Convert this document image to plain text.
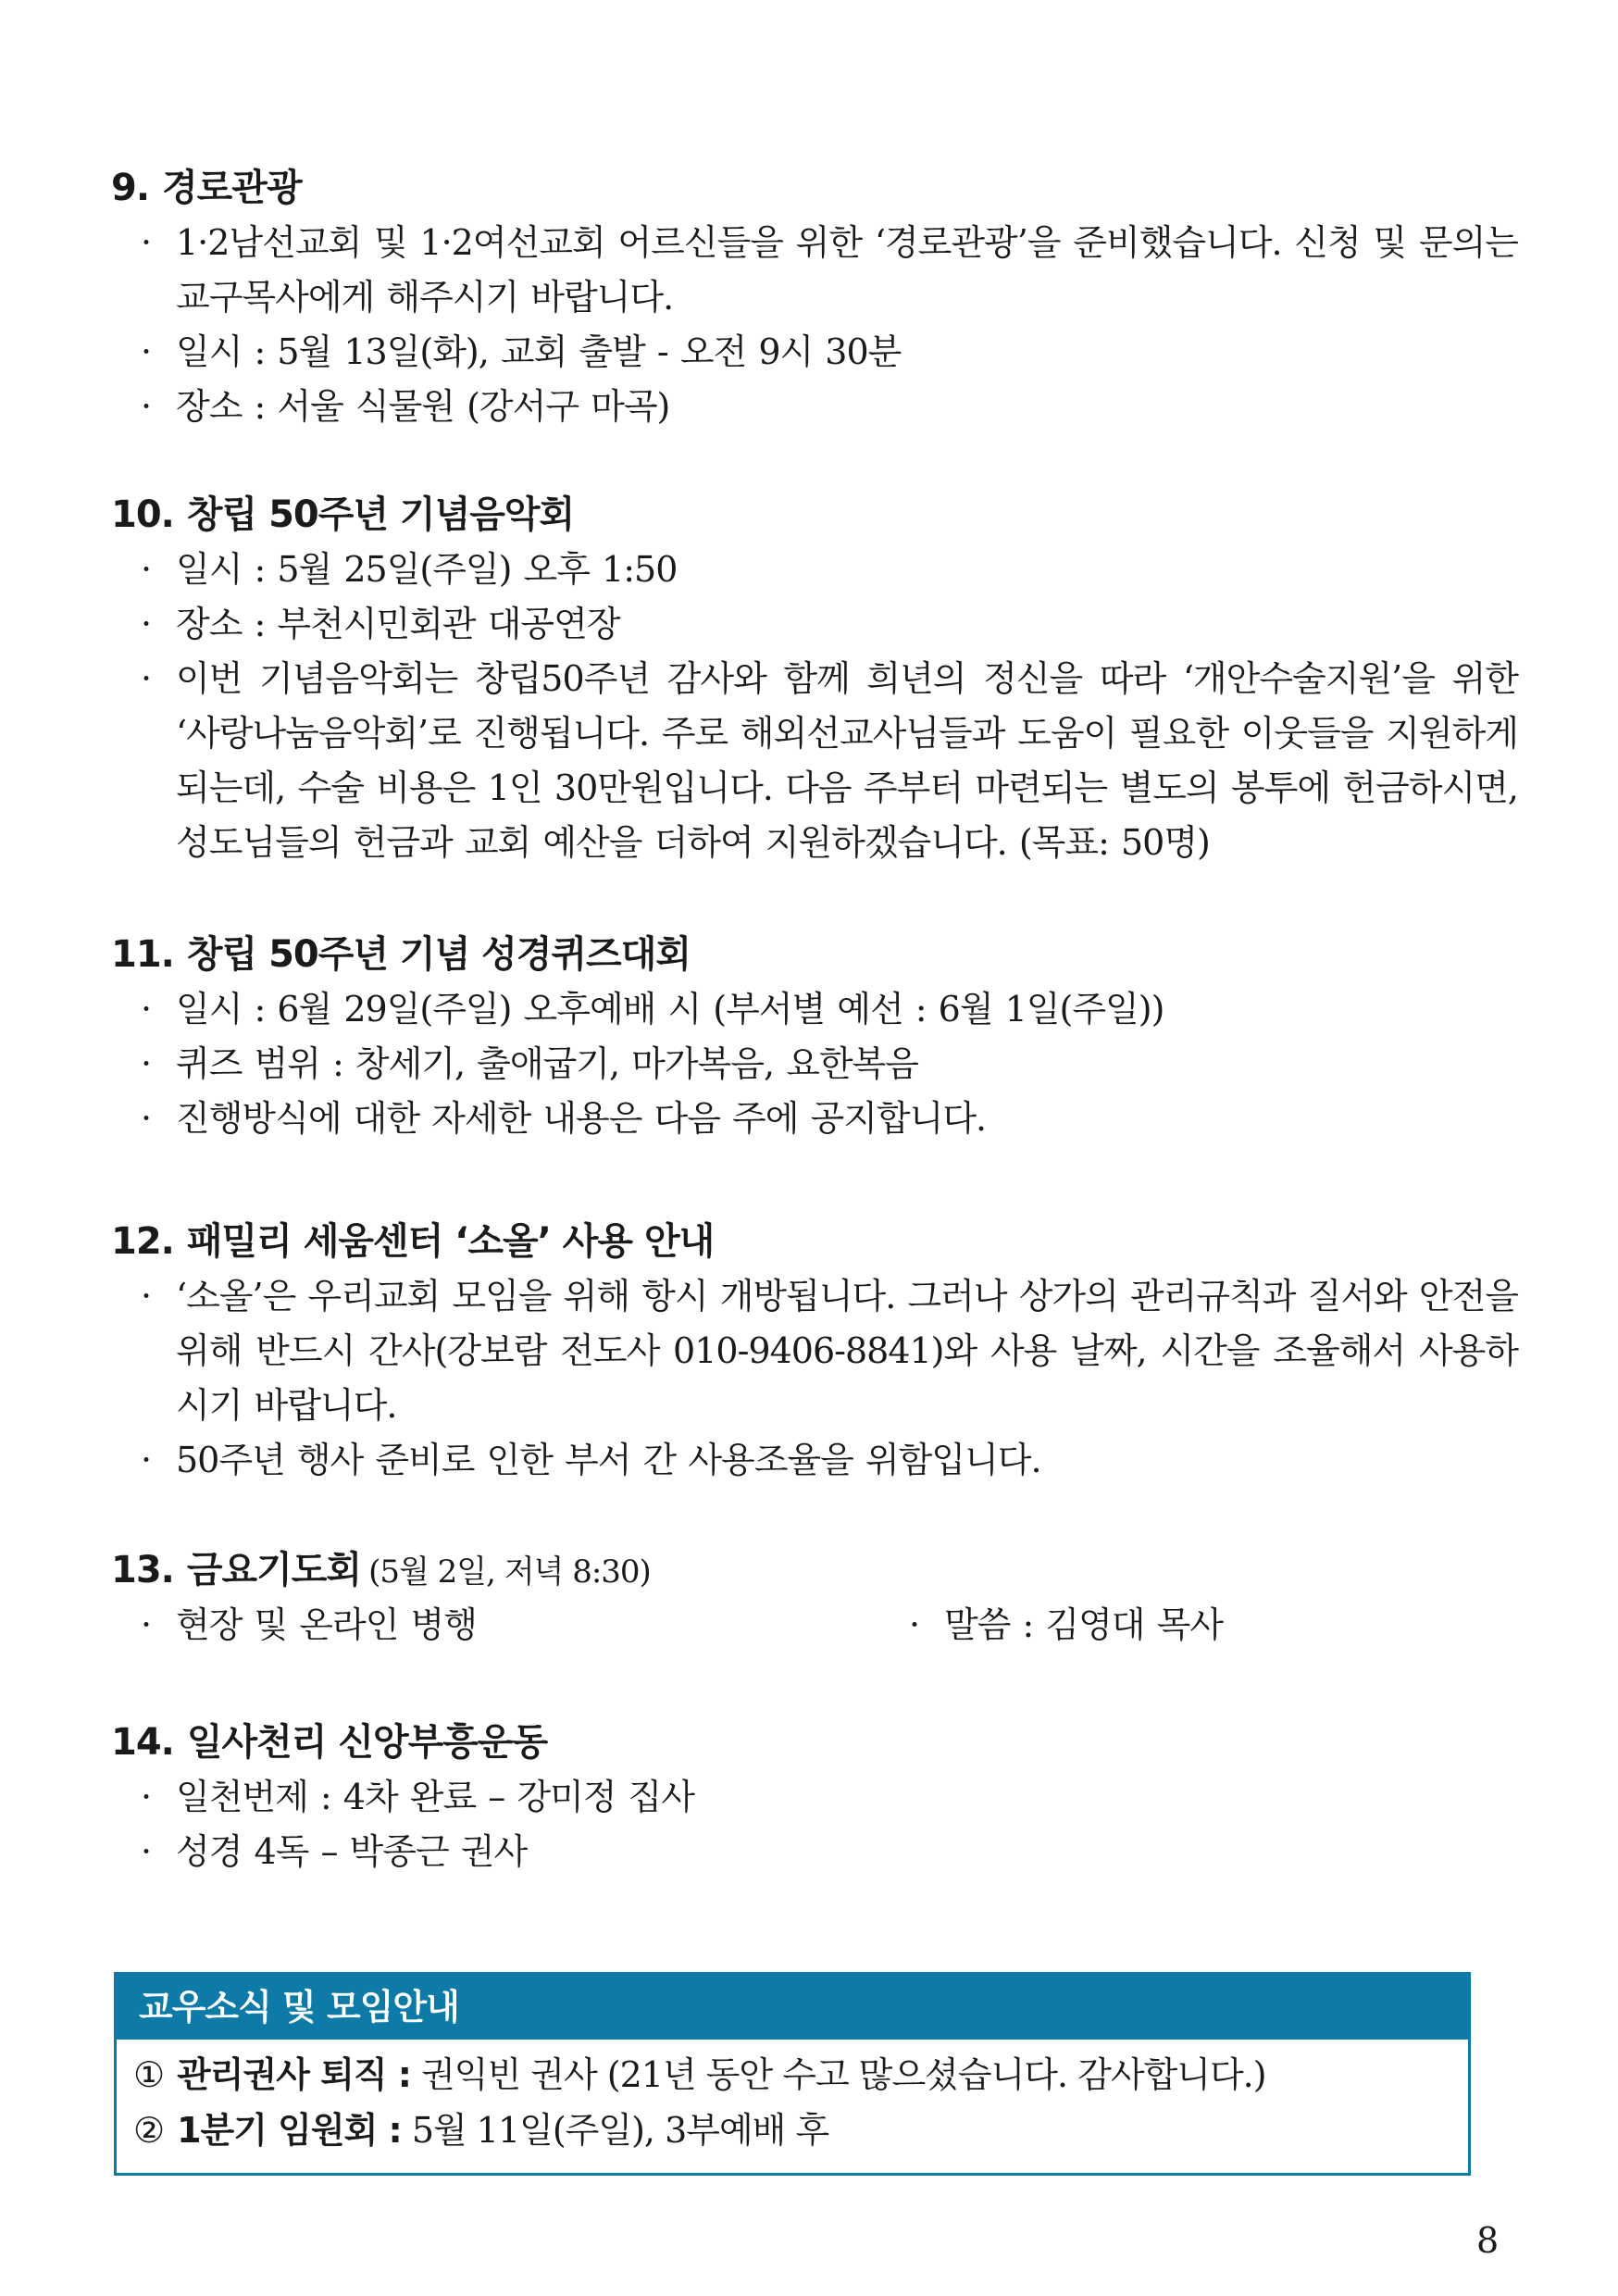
9. 경로관광
· 1·2남선교회 및 1·2여선교회 어르신들을 위한 ‘경로관광’을 준비했습니다. 신청 및 문의는 교구목사에게 해주시기 바랍니다.
· 일시 : 5월 13일(화), 교회 출발 - 오전 9시 30분
· 장소 : 서울 식물원 (강서구 마곡)
10. 창립 50주년 기념음악회
· 일시 : 5월 25일(주일) 오후 1:50
· 장소 : 부천시민회관 대공연장
· 이번 기념음악회는 창립50주년 감사와 함께 희년의 정신을 따라 ‘개안수술지원’을 위한 ‘사랑나눔음악회’로 진행됩니다. 주로 해외선교사님들과 도움이 필요한 이웃들을 지원하게 되는데, 수술 비용은 1인 30만원입니다. 다음 주부터 마련되는 별도의 봉투에 헌금하시면, 성도님들의 헌금과 교회 예산을 더하여 지원하겠습니다. (목표: 50명)
11. 창립 50주년 기념 성경퀴즈대회
· 일시 : 6월 29일(주일) 오후예배 시 (부서별 예선 : 6월 1일(주일))
· 퀴즈 범위 : 창세기, 출애굽기, 마가복음, 요한복음
· 진행방식에 대한 자세한 내용은 다음 주에 공지합니다.
12. 패밀리 세움센터 ‘소올’ 사용 안내
· ‘소올’은 우리교회 모임을 위해 항시 개방됩니다. 그러나 상가의 관리규칙과 질서와 안전을 위해 반드시 간사(강보람 전도사 010-9406-8841)와 사용 날짜, 시간을 조율해서 사용하시기 바랍니다.
· 50주년 행사 준비로 인한 부서 간 사용조율을 위함입니다.
13. 금요기도회 (5월 2일, 저녁 8:30)
· 현장 및 온라인 병행	· 말씀 : 김영대 목사
14. 일사천리 신앙부흥운동
· 일천번제 : 4차 완료 – 강미정 집사
· 성경 4독 – 박종근 권사
교우소식 및 모임안내
① 관리권사 퇴직 : 권익빈 권사 (21년 동안 수고 많으셨습니다. 감사합니다.)
② 1분기 임원회 : 5월 11일(주일), 3부예배 후
8
